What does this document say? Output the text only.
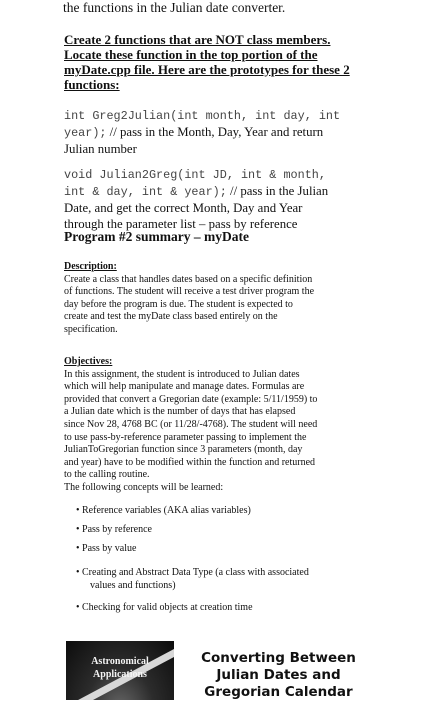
the functions in the Julian date converter.
Create 2 functions that are NOT class members.
Locate these function in the top portion of the
myDate.cpp file. Here are the prototypes for these 2
functions:
int Greg2Julian(int month, int day, int
year); // pass in the Month, Day, Year and return
Julian number
void Julian2Greg(int JD, int & month,
int & day, int & year); // pass in the Julian
Date, and get the correct Month, Day and Year
through the parameter list – pass by reference
Program #2 summary – myDate
Description:
Create a class that handles dates based on a specific definition
of functions. The student will receive a test driver program the
day before the program is due. The student is expected to
create and test the myDate class based entirely on the
specification.
Objectives:
In this assignment, the student is introduced to Julian dates
which will help manipulate and manage dates. Formulas are
provided that convert a Gregorian date (example: 5/11/1959) to
a Julian date which is the number of days that has elapsed
since Nov 28, 4768 BC (or 11/28/-4768). The student will need
to use pass-by-reference parameter passing to implement the
JulianToGregorian function since 3 parameters (month, day
and year) have to be modified within the function and returned
to the calling routine.
The following concepts will be learned:
• Reference variables (AKA alias variables)
• Pass by reference
• Pass by value
• Creating and Abstract Data Type (a class with associated
values and functions)
• Checking for valid objects at creation time
Astronomical
Applications
Converting Between
Julian Dates and
Gregorian Calendar
